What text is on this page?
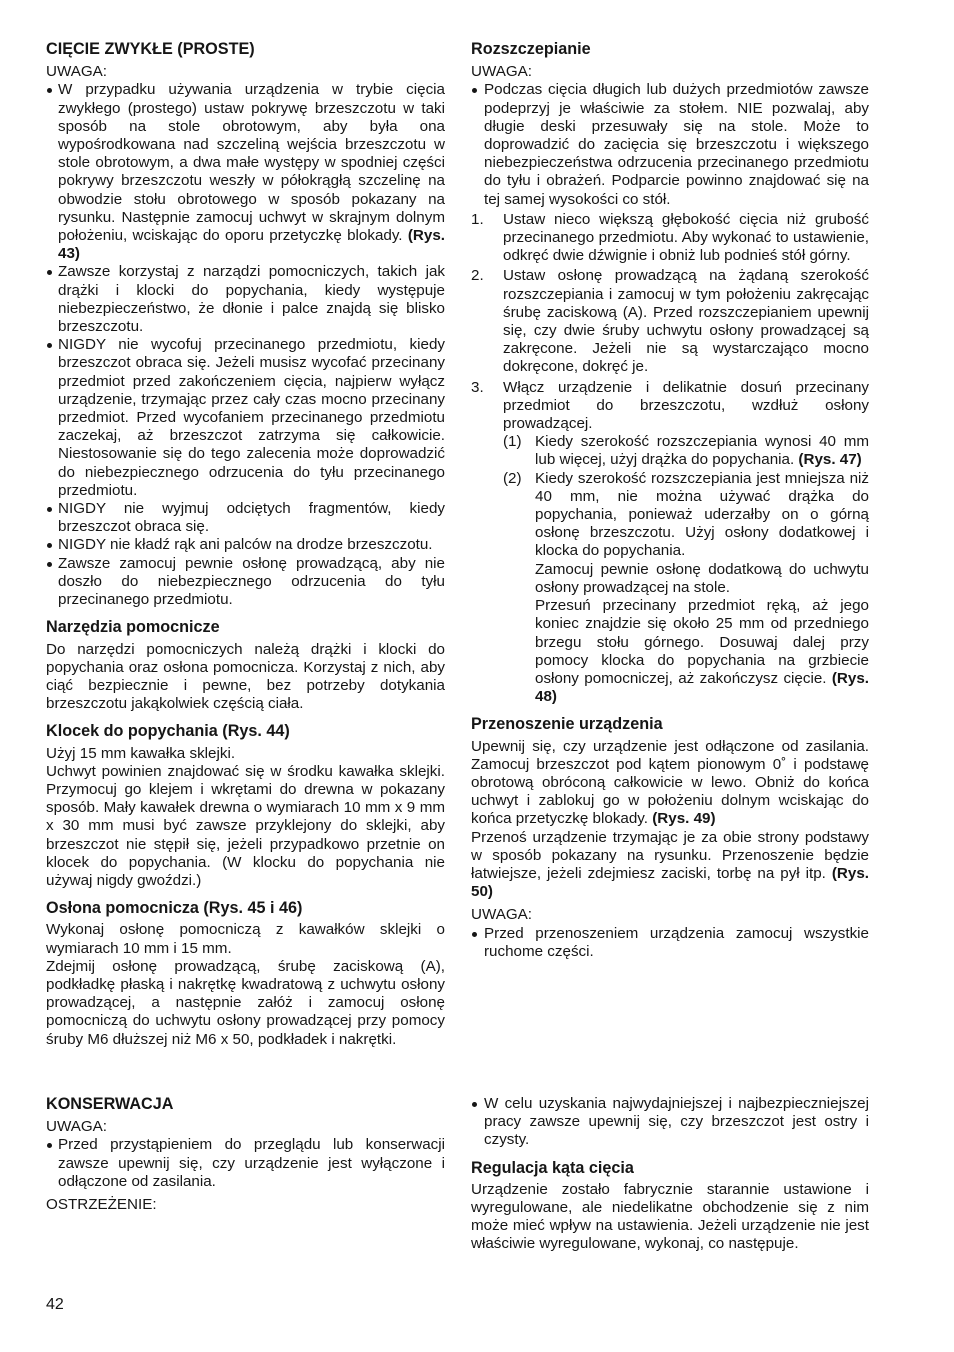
CIĘCIE ZWYKŁE (PROSTE)

UWAGA:

W przypadku używania urządzenia w trybie cięcia zwykłego (prostego) ustaw pokrywę brzeszczotu w taki sposób na stole obrotowym, aby była ona wypośrodkowana nad szczeliną wejścia brzeszczotu w stole obrotowym, a dwa małe występy w spodniej części pokrywy brzeszczotu weszły w półokrągłą szczelinę na obwodzie stołu obrotowego w sposób pokazany na rysunku. Następnie zamocuj uchwyt w skrajnym dolnym położeniu, wciskając do oporu przetyczkę blokady. (Rys. 43)
Zawsze korzystaj z narządzi pomocniczych, takich jak drążki i klocki do popychania, kiedy występuje niebezpieczeństwo, że dłonie i palce znajdą się blisko brzeszczotu.
NIGDY nie wycofuj przecinanego przedmiotu, kiedy brzeszczot obraca się. Jeżeli musisz wycofać przecinany przedmiot przed zakończeniem cięcia, najpierw wyłącz urządzenie, trzymając przez cały czas mocno przecinany przedmiot. Przed wycofaniem przecinanego przedmiotu zaczekaj, aż brzeszczot zatrzyma się całkowicie. Niestosowanie się do tego zalecenia może doprowadzić do niebezpiecznego odrzucenia do tyłu przecinanego przedmiotu.
NIGDY nie wyjmuj odciętych fragmentów, kiedy brzeszczot obraca się.
NIGDY nie kładź rąk ani palców na drodze brzeszczotu.
Zawsze zamocuj pewnie osłonę prowadzącą, aby nie doszło do niebezpiecznego odrzucenia do tyłu przecinanego przedmiotu.
Narzędzia pomocnicze

Do narzędzi pomocniczych należą drążki i klocki do popychania oraz osłona pomocnicza. Korzystaj z nich, aby ciąć bezpiecznie i pewne, bez potrzeby dotykania brzeszczotu jakąkolwiek częścią ciała.

Klocek do popychania (Rys. 44)

Użyj 15 mm kawałka sklejki.

Uchwyt powinien znajdować się w środku kawałka sklejki. Przymocuj go klejem i wkrętami do drewna w pokazany sposób. Mały kawałek drewna o wymiarach 10 mm x 9 mm x 30 mm musi być zawsze przyklejony do sklejki, aby brzeszczot nie stępił się, jeżeli przypadkowo przetnie on klocek do popychania. (W klocku do popychania nie używaj nigdy gwoździ.)

Osłona pomocnicza (Rys. 45 i 46)

Wykonaj osłonę pomocniczą z kawałków sklejki o wymiarach 10 mm i 15 mm.

Zdejmij osłonę prowadzącą, śrubę zaciskową (A), podkładkę płaską i nakrętkę kwadratową z uchwytu osłony prowadzącej, a następnie załóż i zamocuj osłonę pomocniczą do uchwytu osłony prowadzącej przy pomocy śruby M6 dłuższej niż M6 x 50, podkładek i nakrętki.

Rozszczepianie

UWAGA:

Podczas cięcia długich lub dużych przedmiotów zawsze podeprzyj je właściwie za stołem. NIE pozwalaj, aby długie deski przesuwały się na stole. Może to doprowadzić do zacięcia się brzeszczotu i większego niebezpieczeństwa odrzucenia przecinanego przedmiotu do tyłu i obrażeń. Podparcie powinno znajdować się na tej samej wysokości co stół.
1. Ustaw nieco większą głębokość cięcia niż grubość przecinanego przedmiotu. Aby wykonać to ustawienie, odkręć dwie dźwignie i obniż lub podnieś stół górny.
2. Ustaw osłonę prowadzącą na żądaną szerokość rozszczepiania i zamocuj w tym położeniu zakręcając śrubę zaciskową (A). Przed rozszczepianiem upewnij się, czy dwie śruby uchwytu osłony prowadzącej są zakręcone. Jeżeli nie są wystarczająco mocno dokręcone, dokręć je.
3. Włącz urządzenie i delikatnie dosuń przecinany przedmiot do brzeszczotu, wzdłuż osłony prowadzącej.

(1) Kiedy szerokość rozszczepiania wynosi 40 mm lub więcej, użyj drążka do popychania. (Rys. 47)
(2) Kiedy szerokość rozszczepiania jest mniejsza niż 40 mm, nie można używać drążka do popychania, ponieważ uderzałby on o górną osłonę brzeszczotu. Użyj osłony dodatkowej i klocka do popychania.

Zamocuj pewnie osłonę dodatkową do uchwytu osłony prowadzącej na stole.

Przesuń przecinany przedmiot ręką, aż jego koniec znajdzie się około 25 mm od przedniego brzegu stołu górnego. Dosuwaj dalej przy pomocy klocka do popychania na grzbiecie osłony pomocniczej, aż zakończysz cięcie. (Rys. 48)

Przenoszenie urządzenia

Upewnij się, czy urządzenie jest odłączone od zasilania. Zamocuj brzeszczot pod kątem pionowym 0˚ i podstawę obrotową obróconą całkowicie w lewo. Obniż do końca uchwyt i zablokuj go w położeniu dolnym wciskając do końca przetyczkę blokady. (Rys. 49)

Przenoś urządzenie trzymając je za obie strony podstawy w sposób pokazany na rysunku. Przenoszenie będzie łatwiejsze, jeżeli zdejmiesz zaciski, torbę na pył itp. (Rys. 50)

UWAGA:

Przed przenoszeniem urządzenia zamocuj wszystkie ruchome części.
KONSERWACJA

UWAGA:

Przed przystąpieniem do przeglądu lub konserwacji zawsze upewnij się, czy urządzenie jest wyłączone i odłączone od zasilania.

OSTRZEŻENIE:

W celu uzyskania najwydajniejszej i najbezpieczniejszej pracy zawsze upewnij się, czy brzeszczot jest ostry i czysty.
Regulacja kąta cięcia

Urządzenie zostało fabrycznie starannie ustawione i wyregulowane, ale niedelikatne obchodzenie się z nim może mieć wpływ na ustawienia. Jeżeli urządzenie nie jest właściwie wyregulowane, wykonaj, co następuje.

42
